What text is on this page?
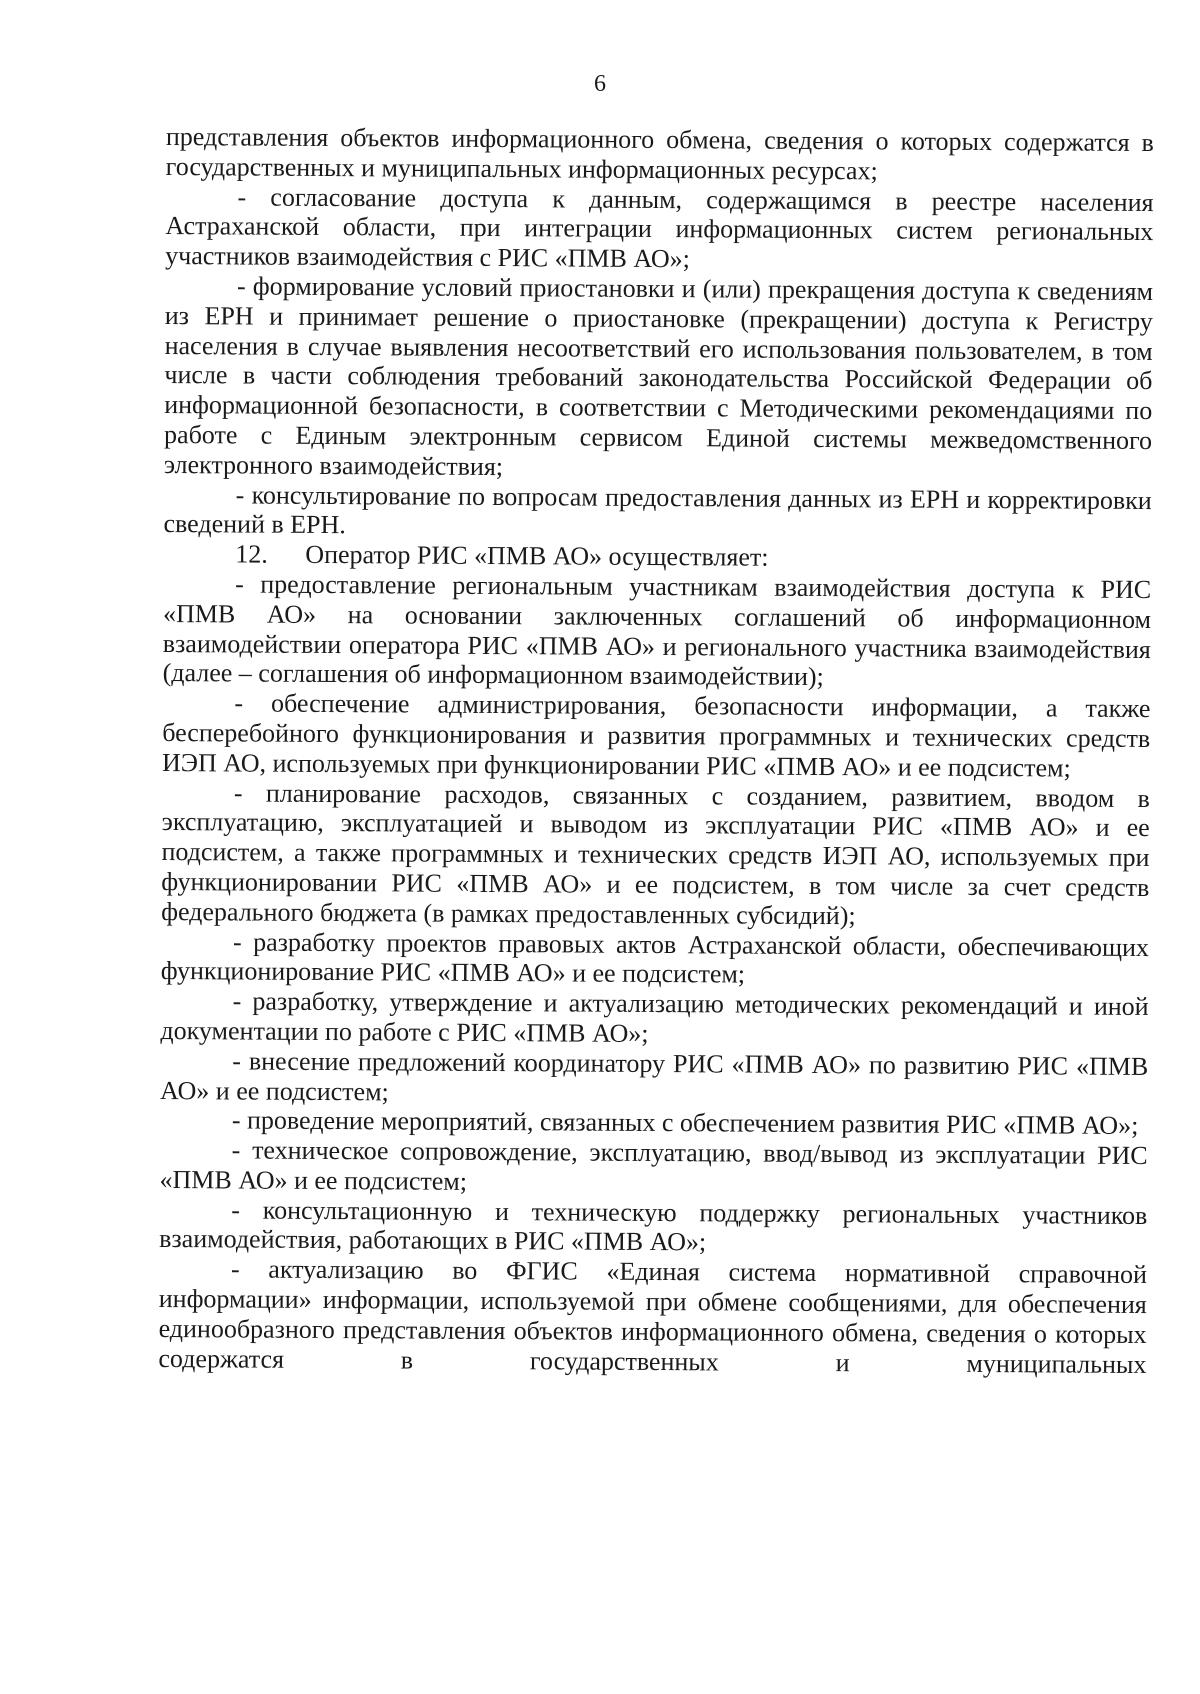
6

представления объектов информационного обмена, сведения о которых содержатся в государственных и муниципальных информационных ресурсах;

- согласование доступа к данным, содержащимся в реестре населения Астраханской области, при интеграции информационных систем региональных участников взаимодействия с РИС «ПМВ АО»;

- формирование условий приостановки и (или) прекращения доступа к сведениям из ЕРН и принимает решение о приостановке (прекращении) доступа к Регистру населения в случае выявления несоответствий его использования пользователем, в том числе в части соблюдения требований законодательства Российской Федерации об информационной безопасности, в соответствии с Методическими рекомендациями по работе с Единым электронным сервисом Единой системы межведомственного электронного взаимодействия;

- консультирование по вопросам предоставления данных из ЕРН и корректировки сведений в ЕРН.

12. Оператор РИС «ПМВ АО» осуществляет:

- предоставление региональным участникам взаимодействия доступа к РИС «ПМВ АО» на основании заключенных соглашений об информационном взаимодействии оператора РИС «ПМВ АО» и регионального участника взаимодействия (далее – соглашения об информационном взаимодействии);

- обеспечение администрирования, безопасности информации, а также бесперебойного функционирования и развития программных и технических средств ИЭП АО, используемых при функционировании РИС «ПМВ АО» и ее подсистем;

- планирование расходов, связанных с созданием, развитием, вводом в эксплуатацию, эксплуатацией и выводом из эксплуатации РИС «ПМВ АО» и ее подсистем, а также программных и технических средств ИЭП АО, используемых при функционировании РИС «ПМВ АО» и ее подсистем, в том числе за счет средств федерального бюджета (в рамках предоставленных субсидий);

- разработку проектов правовых актов Астраханской области, обеспечивающих функционирование РИС «ПМВ АО» и ее подсистем;

- разработку, утверждение и актуализацию методических рекомендаций и иной документации по работе с РИС «ПМВ АО»;

- внесение предложений координатору РИС «ПМВ АО» по развитию РИС «ПМВ АО» и ее подсистем;

- проведение мероприятий, связанных с обеспечением развития РИС «ПМВ АО»;

- техническое сопровождение, эксплуатацию, ввод/вывод из эксплуатации РИС «ПМВ АО» и ее подсистем;

- консультационную и техническую поддержку региональных участников взаимодействия, работающих в РИС «ПМВ АО»;

- актуализацию во ФГИС «Единая система нормативной справочной информации» информации, используемой при обмене сообщениями, для обеспечения единообразного представления объектов информационного обмена, сведения о которых содержатся в государственных и муниципальных
